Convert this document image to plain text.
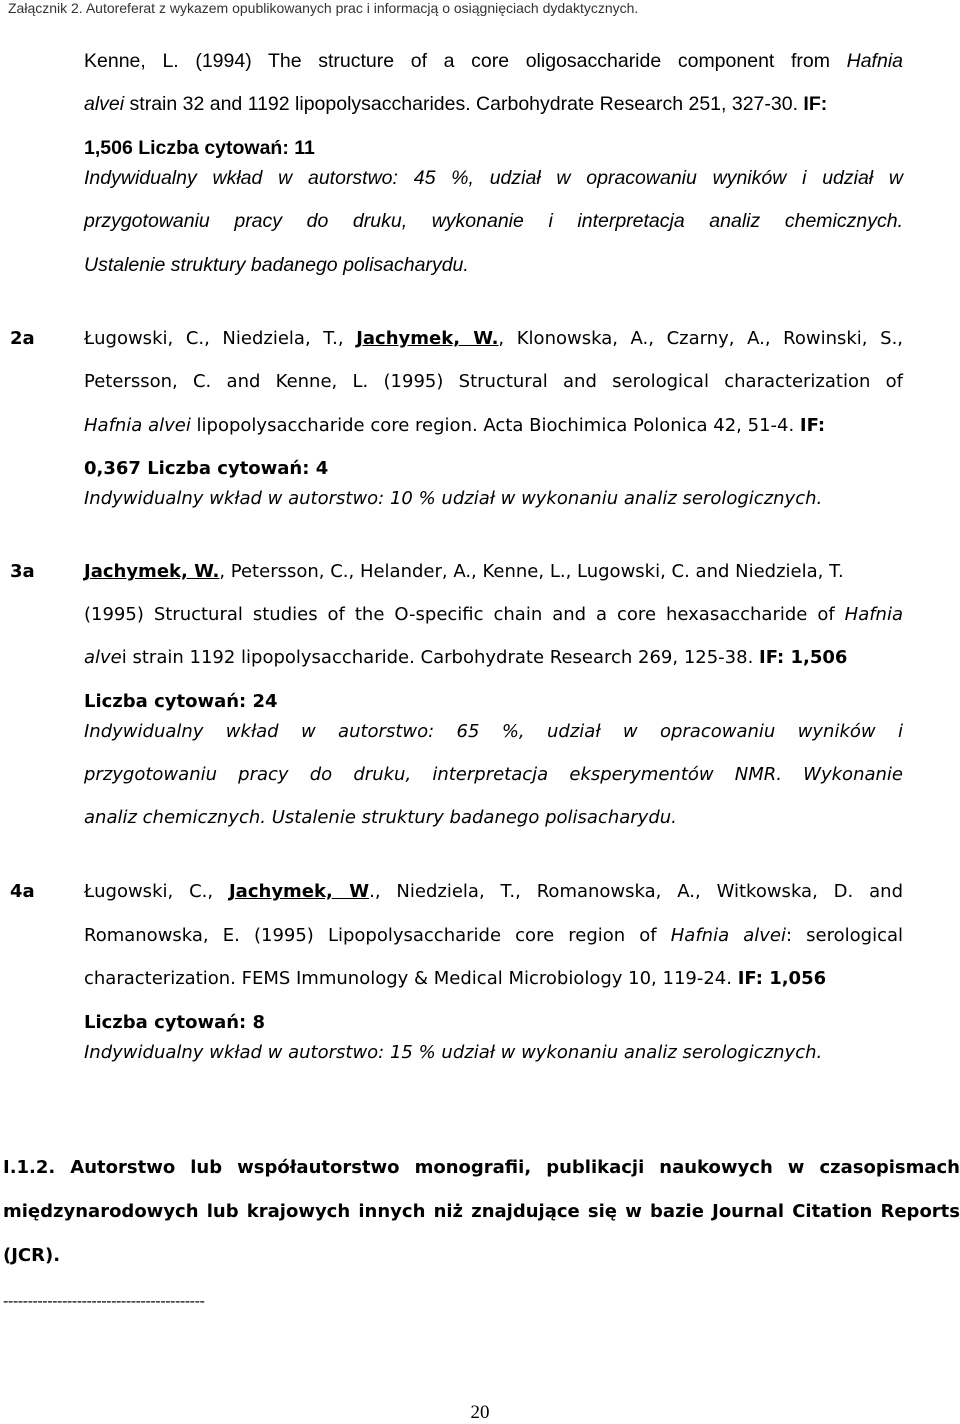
Załącznik 2. Autoreferat z wykazem opublikowanych prac i informacją o osiągnięciach dydaktycznych.
Kenne, L. (1994) The structure of a core oligosaccharide component from Hafnia
alvei strain 32 and 1192 lipopolysaccharides. Carbohydrate Research 251, 327-30. IF:
1,506 Liczba cytowań: 11
Indywidualny wkład w autorstwo: 45 %, udział w opracowaniu wyników i udział w
przygotowaniu pracy do druku, wykonanie i interpretacja analiz chemicznych.
Ustalenie struktury badanego polisacharydu.
2a	Ługowski, C., Niedziela, T., Jachymek, W., Klonowska, A., Czarny, A., Rowinski, S.,
Petersson, C. and Kenne, L. (1995) Structural and serological characterization of
Hafnia alvei lipopolysaccharide core region. Acta Biochimica Polonica 42, 51-4. IF:
0,367 Liczba cytowań: 4
Indywidualny wkład w autorstwo: 10 % udział w wykonaniu analiz serologicznych.
3a	Jachymek, W., Petersson, C., Helander, A., Kenne, L., Lugowski, C. and Niedziela, T.
(1995) Structural studies of the O-specific chain and a core hexasaccharide of Hafnia
alvei strain 1192 lipopolysaccharide. Carbohydrate Research 269, 125-38. IF: 1,506
Liczba cytowań: 24
Indywidualny wkład w autorstwo: 65 %, udział w opracowaniu wyników i
przygotowaniu pracy do druku, interpretacja eksperymentów NMR. Wykonanie
analiz chemicznych. Ustalenie struktury badanego polisacharydu.
4a	Ługowski, C., Jachymek, W., Niedziela, T., Romanowska, A., Witkowska, D. and
Romanowska, E. (1995) Lipopolysaccharide core region of Hafnia alvei: serological
characterization. FEMS Immunology & Medical Microbiology 10, 119-24. IF: 1,056
Liczba cytowań: 8
Indywidualny wkład w autorstwo: 15 % udział w wykonaniu analiz serologicznych.
I.1.2. Autorstwo lub współautorstwo monografii, publikacji naukowych w czasopismach
międzynarodowych lub krajowych innych niż znajdujące się w bazie Journal Citation Reports
(JCR).
-----------------------------------------
20
